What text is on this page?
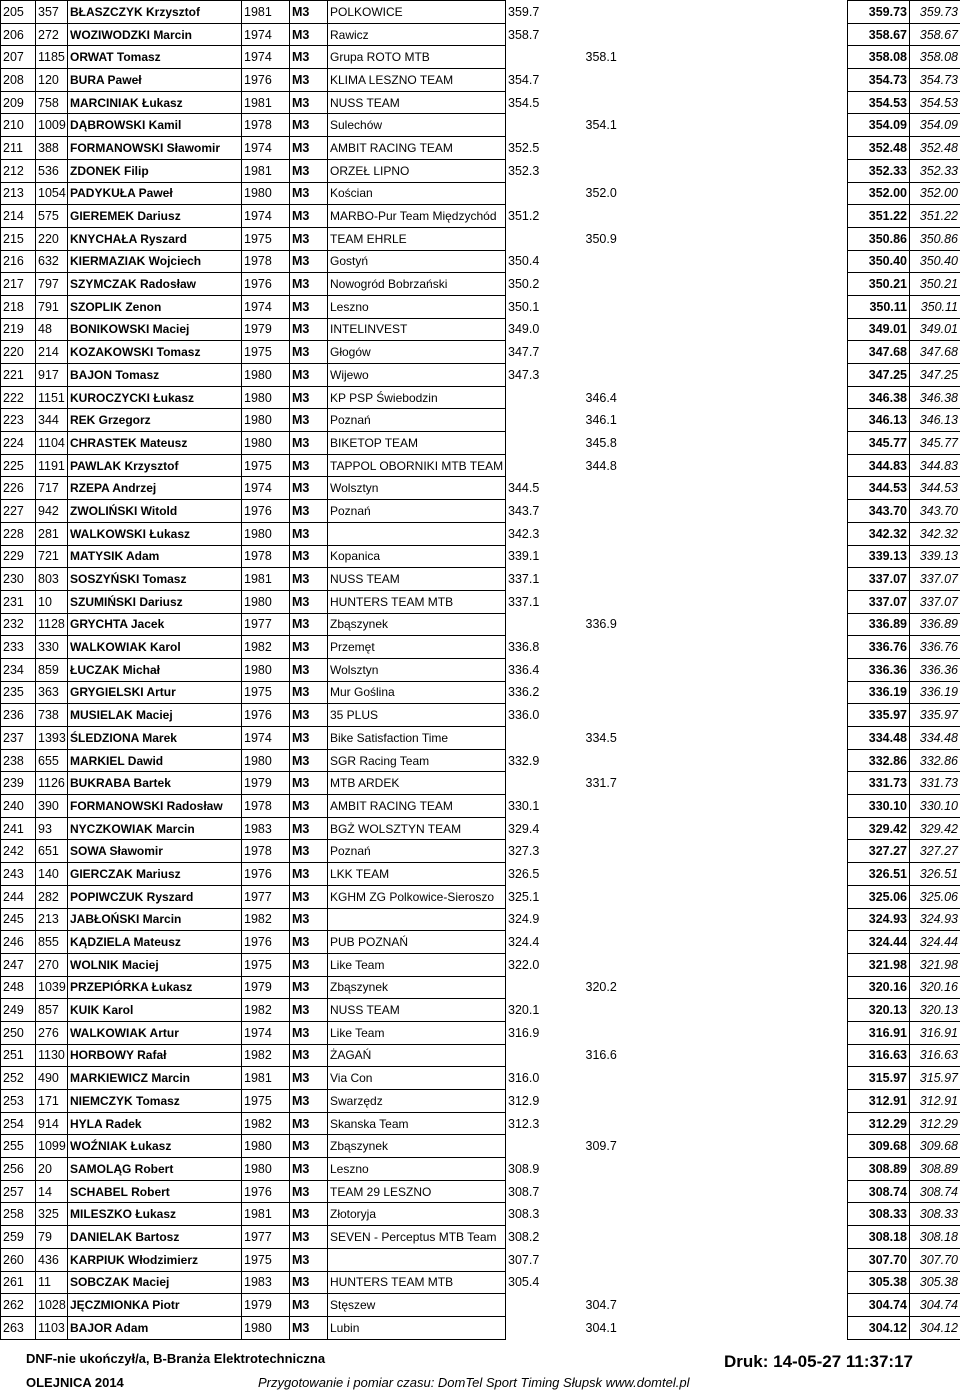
205	357	BŁASZCZYK Krzysztof	1981	M3	POLKOWICE	359.7		359.73	359.73
206	272	WOZIWODZKI Marcin	1974	M3	Rawicz	358.7		358.67	358.67
207	1185	ORWAT Tomasz	1974	M3	Grupa ROTO MTB		358.1	358.08	358.08
208	120	BURA Paweł	1976	M3	KLIMA LESZNO TEAM	354.7		354.73	354.73
209	758	MARCINIAK Łukasz	1981	M3	NUSS TEAM	354.5		354.53	354.53
210	1009	DĄBROWSKI Kamil	1978	M3	Sulechów		354.1	354.09	354.09
211	388	FORMANOWSKI Sławomir	1974	M3	AMBIT RACING TEAM	352.5		352.48	352.48
212	536	ZDONEK Filip	1981	M3	ORZEŁ LIPNO	352.3		352.33	352.33
213	1054	PADYKUŁA Paweł	1980	M3	Kościan		352.0	352.00	352.00
214	575	GIEREMEK Dariusz	1974	M3	MARBO-Pur Team Międzychód	351.2		351.22	351.22
215	220	KNYCHAŁA Ryszard	1975	M3	TEAM EHRLE		350.9	350.86	350.86
216	632	KIERMAZIAK Wojciech	1978	M3	Gostyń	350.4		350.40	350.40
217	797	SZYMCZAK Radosław	1976	M3	Nowogród Bobrzański	350.2		350.21	350.21
218	791	SZOPLIK Zenon	1974	M3	Leszno	350.1		350.11	350.11
219	48	BONIKOWSKI Maciej	1979	M3	INTELINVEST	349.0		349.01	349.01
220	214	KOZAKOWSKI Tomasz	1975	M3	Głogów	347.7		347.68	347.68
221	917	BAJON Tomasz	1980	M3	Wijewo	347.3		347.25	347.25
222	1151	KUROCZYCKI Łukasz	1980	M3	KP PSP Świebodzin		346.4	346.38	346.38
223	344	REK Grzegorz	1980	M3	Poznań		346.1	346.13	346.13
224	1104	CHRASTEK Mateusz	1980	M3	BIKETOP TEAM		345.8	345.77	345.77
225	1191	PAWLAK Krzysztof	1975	M3	TAPPOL OBORNIKI MTB TEAM		344.8	344.83	344.83
226	717	RZEPA Andrzej	1974	M3	Wolsztyn	344.5		344.53	344.53
227	942	ZWOLIŃSKI Witold	1976	M3	Poznań	343.7		343.70	343.70
228	281	WALKOWSKI Łukasz	1980	M3		342.3		342.32	342.32
229	721	MATYSIK Adam	1978	M3	Kopanica	339.1		339.13	339.13
230	803	SOSZYŃSKI Tomasz	1981	M3	NUSS TEAM	337.1		337.07	337.07
231	10	SZUMIŃSKI Dariusz	1980	M3	HUNTERS TEAM MTB	337.1		337.07	337.07
232	1128	GRYCHTA Jacek	1977	M3	Zbąszynek		336.9	336.89	336.89
233	330	WALKOWIAK Karol	1982	M3	Przemęt	336.8		336.76	336.76
234	859	ŁUCZAK Michał	1980	M3	Wolsztyn	336.4		336.36	336.36
235	363	GRYGIELSKI Artur	1975	M3	Mur Goślina	336.2		336.19	336.19
236	738	MUSIELAK Maciej	1976	M3	35 PLUS	336.0		335.97	335.97
237	1393	ŚLEDZIONA Marek	1974	M3	Bike Satisfaction Time		334.5	334.48	334.48
238	655	MARKIEL Dawid	1980	M3	SGR Racing Team	332.9		332.86	332.86
239	1126	BUKRABA Bartek	1979	M3	MTB ARDEK		331.7	331.73	331.73
240	390	FORMANOWSKI Radosław	1978	M3	AMBIT RACING TEAM	330.1		330.10	330.10
241	93	NYCZKOWIAK Marcin	1983	M3	BGŻ WOLSZTYN TEAM	329.4		329.42	329.42
242	651	SOWA Sławomir	1978	M3	Poznań	327.3		327.27	327.27
243	140	GIERCZAK Mariusz	1976	M3	LKK TEAM	326.5		326.51	326.51
244	282	POPIWCZUK Ryszard	1977	M3	KGHM ZG Polkowice-Sieroszo	325.1		325.06	325.06
245	213	JABŁOŃSKI Marcin	1982	M3		324.9		324.93	324.93
246	855	KĄDZIELA Mateusz	1976	M3	PUB POZNAŃ	324.4		324.44	324.44
247	270	WOLNIK Maciej	1975	M3	Like Team	322.0		321.98	321.98
248	1039	PRZEPIÓRKA Łukasz	1979	M3	Zbąszynek		320.2	320.16	320.16
249	857	KUIK Karol	1982	M3	NUSS TEAM	320.1		320.13	320.13
250	276	WALKOWIAK Artur	1974	M3	Like Team	316.9		316.91	316.91
251	1130	HORBOWY Rafał	1982	M3	ŻAGAŃ		316.6	316.63	316.63
252	490	MARKIEWICZ Marcin	1981	M3	Via Con	316.0		315.97	315.97
253	171	NIEMCZYK Tomasz	1975	M3	Swarzędz	312.9		312.91	312.91
254	914	HYLA Radek	1982	M3	Skanska Team	312.3		312.29	312.29
255	1099	WOŹNIAK Łukasz	1980	M3	Zbąszynek		309.7	309.68	309.68
256	20	SAMOLĄG Robert	1980	M3	Leszno	308.9		308.89	308.89
257	14	SCHABEL Robert	1976	M3	TEAM 29 LESZNO	308.7		308.74	308.74
258	325	MILESZKO Łukasz	1981	M3	Złotoryja	308.3		308.33	308.33
259	79	DANIELAK Bartosz	1977	M3	SEVEN - Perceptus MTB Team	308.2		308.18	308.18
260	436	KARPIUK Włodzimierz	1975	M3		307.7		307.70	307.70
261	11	SOBCZAK Maciej	1983	M3	HUNTERS TEAM MTB	305.4		305.38	305.38
262	1028	JĘCZMIONKA Piotr	1979	M3	Stęszew		304.7	304.74	304.74
263	1103	BAJOR Adam	1980	M3	Lubin		304.1	304.12	304.12
DNF-nie ukończył/a, B-Branża Elektrotechniczna	Druk: 14-05-27 11:37:17
OLEJNICA 2014	Przygotowanie i pomiar czasu: DomTel Sport Timing Słupsk www.domtel.pl
